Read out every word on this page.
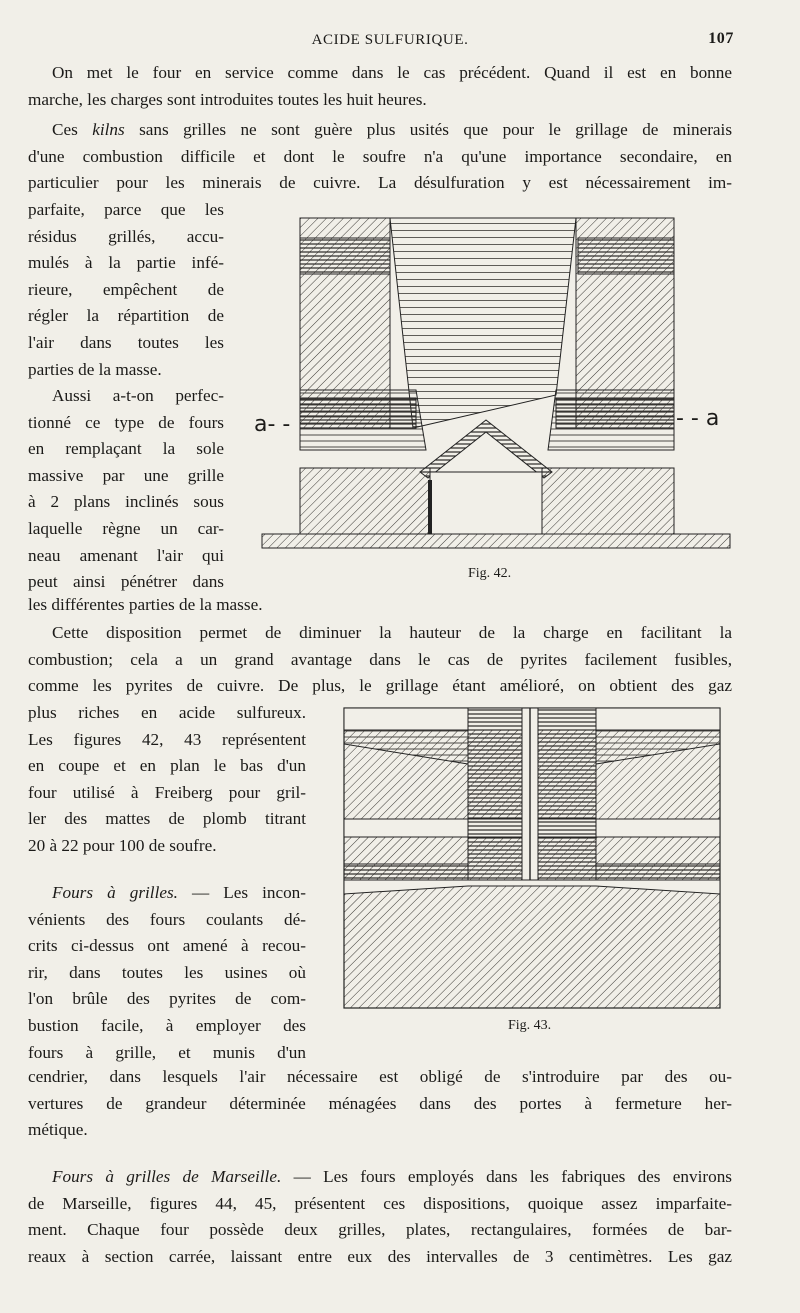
ACIDE SULFURIQUE.	107
On met le four en service comme dans le cas précédent. Quand il est en bonne
marche, les charges sont introduites toutes les huit heures.
Ces kilns sans grilles ne sont guère plus usités que pour le grillage de minerais
d'une combustion difficile et dont le soufre n'a qu'une importance secondaire, en
particulier pour les minerais de cuivre. La désulfuration y est nécessairement im-
parfaite, parce que les
résidus grillés, accu-
mulés à la partie infé-
rieure, empêchent de
régler la répartition de
l'air dans toutes les
parties de la masse.
Aussi a-t-on perfec-
tionné ce type de fours
en remplaçant la sole
massive par une grille
à 2 plans inclinés sous
laquelle règne un car-
neau amenant l'air qui
peut ainsi pénétrer dans
les différentes parties de la masse.
a- -	- - a
Fig. 42.
Cette disposition permet de diminuer la hauteur de la charge en facilitant la
combustion; cela a un grand avantage dans le cas de pyrites facilement fusibles,
comme les pyrites de cuivre. De plus, le grillage étant amélioré, on obtient des gaz
plus riches en acide sulfureux.
Les figures 42, 43 représentent
en coupe et en plan le bas d'un
four utilisé à Freiberg pour gril-
ler des mattes de plomb titrant
20 à 22 pour 100 de soufre.
Fours à grilles. — Les incon-
vénients des fours coulants dé-
crits ci-dessus ont amené à recou-
rir, dans toutes les usines où
l'on brûle des pyrites de com-
bustion facile, à employer des
fours à grille, et munis d'un
cendrier, dans lesquels l'air nécessaire est obligé de s'introduire par des ou-
vertures de grandeur déterminée ménagées dans des portes à fermeture her-
métique.
Fig. 43.
Fours à grilles de Marseille. — Les fours employés dans les fabriques des environs
de Marseille, figures 44, 45, présentent ces dispositions, quoique assez imparfaite-
ment. Chaque four possède deux grilles, plates, rectangulaires, formées de bar-
reaux à section carrée, laissant entre eux des intervalles de 3 centimètres. Les gaz
